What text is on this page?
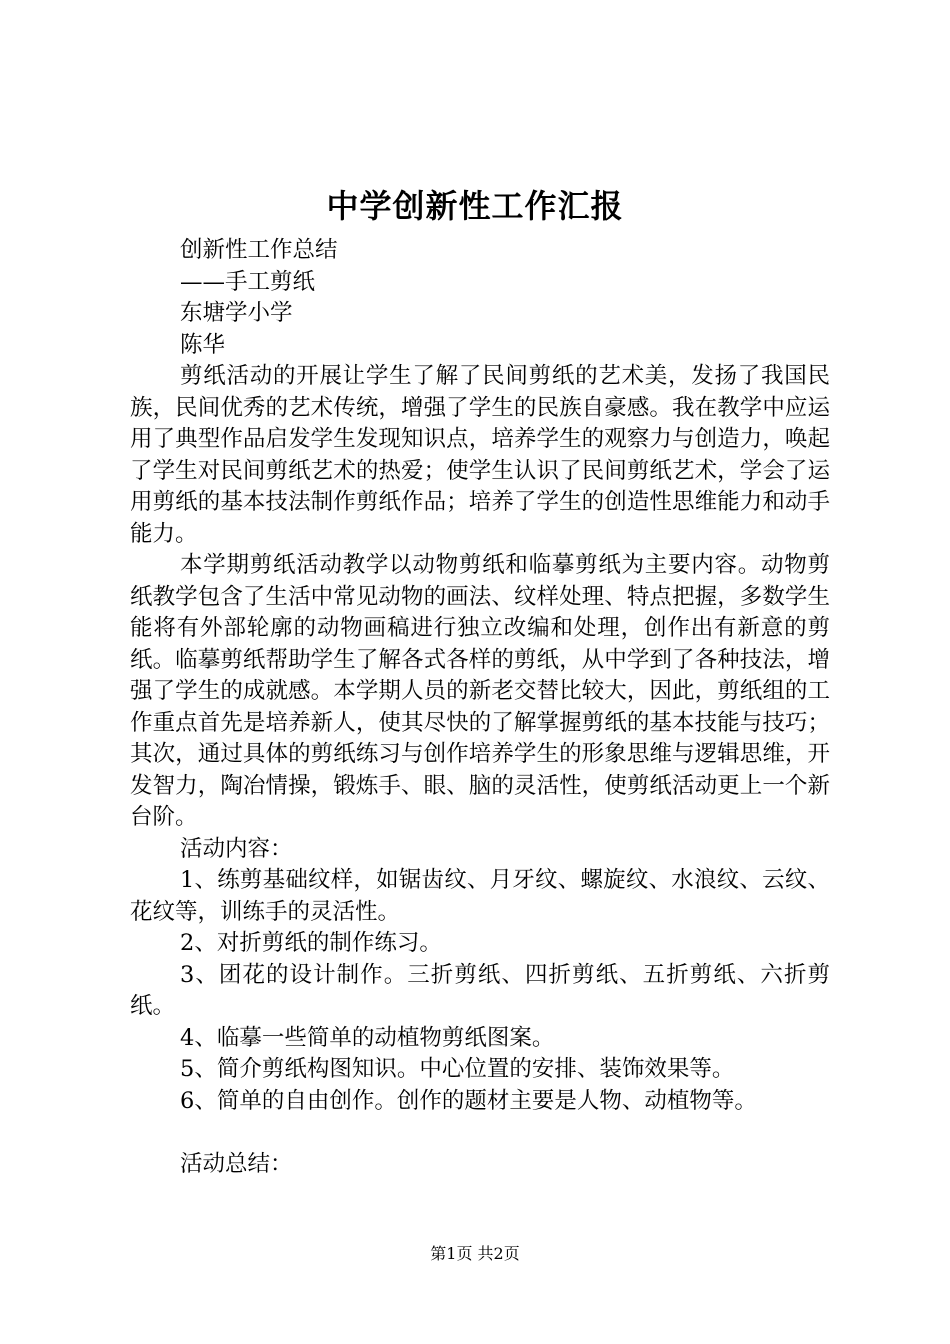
中学创新性工作汇报

创新性工作总结

——手工剪纸

东塘学小学

陈华

剪纸活动的开展让学生了解了民间剪纸的艺术美，发扬了我国民族，民间优秀的艺术传统，增强了学生的民族自豪感。我在教学中应运用了典型作品启发学生发现知识点，培养学生的观察力与创造力，唤起了学生对民间剪纸艺术的热爱；使学生认识了民间剪纸艺术，学会了运用剪纸的基本技法制作剪纸作品；培养了学生的创造性思维能力和动手能力。

本学期剪纸活动教学以动物剪纸和临摹剪纸为主要内容。动物剪纸教学包含了生活中常见动物的画法、纹样处理、特点把握，多数学生能将有外部轮廓的动物画稿进行独立改编和处理，创作出有新意的剪纸。临摹剪纸帮助学生了解各式各样的剪纸，从中学到了各种技法，增强了学生的成就感。本学期人员的新老交替比较大，因此，剪纸组的工作重点首先是培养新人，使其尽快的了解掌握剪纸的基本技能与技巧；其次，通过具体的剪纸练习与创作培养学生的形象思维与逻辑思维，开发智力，陶冶情操，锻炼手、眼、脑的灵活性，使剪纸活动更上一个新台阶。

活动内容：

1、练剪基础纹样，如锯齿纹、月牙纹、螺旋纹、水浪纹、云纹、花纹等，训练手的灵活性。

2、对折剪纸的制作练习。

3、团花的设计制作。三折剪纸、四折剪纸、五折剪纸、六折剪纸。

4、临摹一些简单的动植物剪纸图案。

5、简介剪纸构图知识。中心位置的安排、装饰效果等。

6、简单的自由创作。创作的题材主要是人物、动植物等。

活动总结：

第1页 共2页
